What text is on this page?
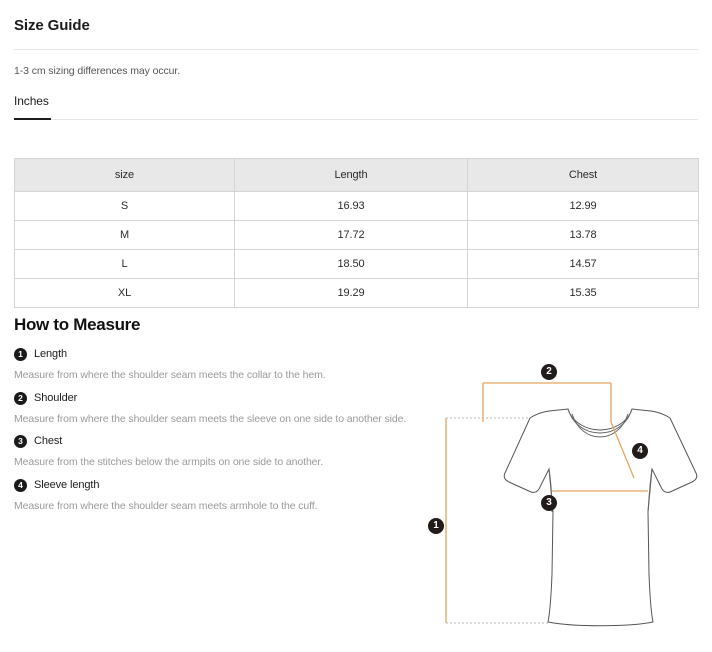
Size Guide
1-3 cm sizing differences may occur.
Inches
size	Length	Chest
S	16.93	12.99
M	17.72	13.78
L	18.50	14.57
XL	19.29	15.35
How to Measure
1	Length
Measure from where the shoulder seam meets the collar to the hem.
2	Shoulder
Measure from where the shoulder seam meets the sleeve on one side to another side.
3	Chest
Measure from the stitches below the armpits on one side to another.
4	Sleeve length
Measure from where the shoulder seam meets armhole to the cuff.
1
2
3
4
